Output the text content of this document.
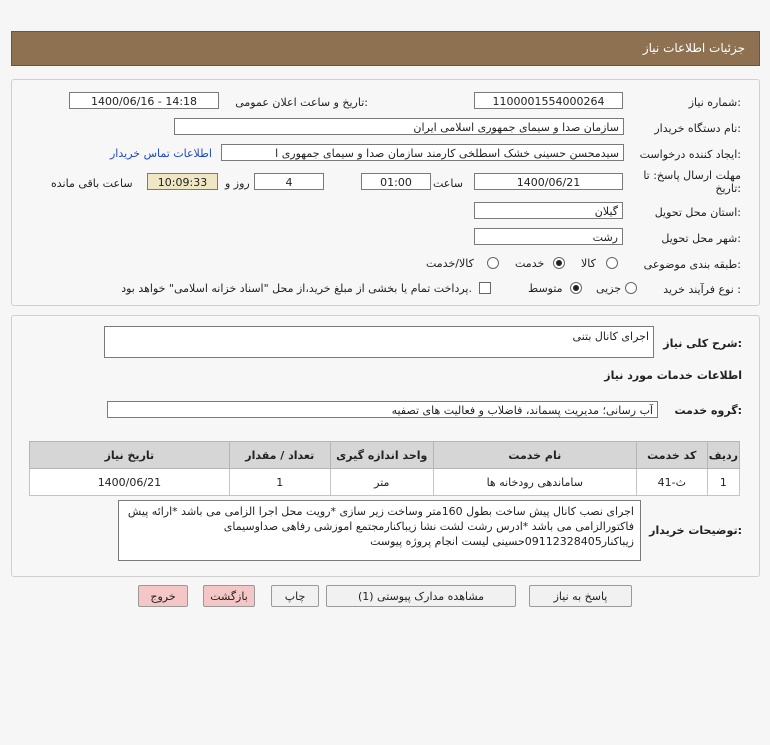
جزئیات اطلاعات نیاز
شماره نیاز:
1100001554000264
تاریخ و ساعت اعلان عمومی:
1400/06/16 - 14:18
نام دستگاه خریدار:
سازمان صدا و سیمای جمهوری اسلامی ایران
ایجاد کننده درخواست:
سیدمحسن حسینی خشک اسطلخی کارمند سازمان صدا و سیمای جمهوری ا
اطلاعات تماس خریدار
مهلت ارسال پاسخ: تا
تاریخ:
1400/06/21
ساعت
01:00
4
روز و
10:09:33
ساعت باقی مانده
استان محل تحویل:
گیلان
شهر محل تحویل:
رشت
طبقه بندی موضوعی:
کالا
خدمت
کالا/خدمت
نوع فرآیند خرید :
جزیی
متوسط
پرداخت تمام یا بخشی از مبلغ خرید،از محل "اسناد خزانه اسلامی" خواهد بود.
شرح کلی نیاز:
اجرای کانال بتنی
اطلاعات خدمات مورد نیاز
گروه خدمت:
آب رسانی؛ مدیریت پسماند، فاضلاب و فعالیت های تصفیه
ردیف	کد خدمت	نام خدمت	واحد اندازه گیری	تعداد / مقدار	تاریخ نیاز
1	ث-41	ساماندهی رودخانه ها	متر	1	1400/06/21
توضیحات خریدار:
اجرای نصب کانال پیش ساخت بطول 160متر وساخت زیر سازی *رویت محل اجرا الزامی می باشد *ارائه پیش فاکتورالزامی می باشد *ادرس رشت لشت نشا زیباکنارمجتمع اموزشی رفاهی صداوسیمای زیباکنار09112328405حسینی لیست انجام پروژه پیوست
پاسخ به نیاز
مشاهده مدارک پیوستی (1)
چاپ
بازگشت
خروج
